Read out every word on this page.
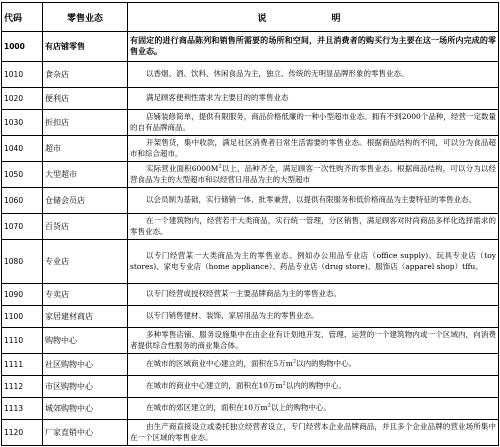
代码	零售业态	说　明
1000	有店铺零售	有固定的进行商品陈列和销售所需要的场所和空间，并且消费者的购买行为主要在这一场所内完成的零售业态。
1010	食杂店	以香烟、酒、饮料、休闲食品为主，独立、传统的无明显品牌形象的零售业态。

1020	便利店	满足顾客便利性需求为主要目的的零售业态

1030	折扣店	店铺装修简单，提供有限服务，商品价格低廉的一种小型超市业态。拥有不到2000个品种，经营一定数量的自有品牌商品。

1040	超市	开架售货，集中收款，满足社区消费者日常生活需要的零售业态。根据商品结构的不同，可以分为食品超市和综合超市。

1050	大型超市	实际营业面积$6000M^2$以上，品种齐全，满足顾客一次性购齐的零售业态。根据商品结构，可以分为以经营食品为主的大型超市和以经营日用品为主的大型超市

1060	仓储会员店	以会员制为基础，实行储销一体、批零兼营，以提供有限服务和低价格商品为主要特征的零售业态。

1070	百货店	在一个建筑物内，经营若干大类商品，实行统一管理，分区销售，满足顾客对时尚商品多样化选择需求的零售业态。

1080	专业店	以专门经营某一大类商品为主的零售业态。例如办公用品专业店（office supply)、玩具专业店（toy stores)、家电专业店（home appliance）、药品专业店（drug store)、服饰店（apparel shop）tffu。

1090	专卖店	以专门经营或授权经营某一主要品牌商品为主的零售业态。

1100	家居建材商店	以专门销售建材、装饰、家居用品为主的零售业态。

1110	购物中心	多种零售店铺、服务设施集中在由企业有计划地开发、管理、运营的一个建筑物内或一个区域内，向消费者提供综合性服务的商业集合体。

1111	社区购物中心	在城市的区域商业中心建立的，面积在5万$m^2$以内的购物中心。

1112	市区购物中心	在城市的商业中心建立的，面积在10万$m^2$以内的购物中心。

1113	城郊购物中心	在城市的郊区建立的，面积在10万$m^2$以上的购物中心。

1120	厂家直销中心	由生产商直接设立或委托独立经营者设立，专门经营本企业品牌商品，并且多个企业品牌的营业场所集中在一个区域的零售业态。
